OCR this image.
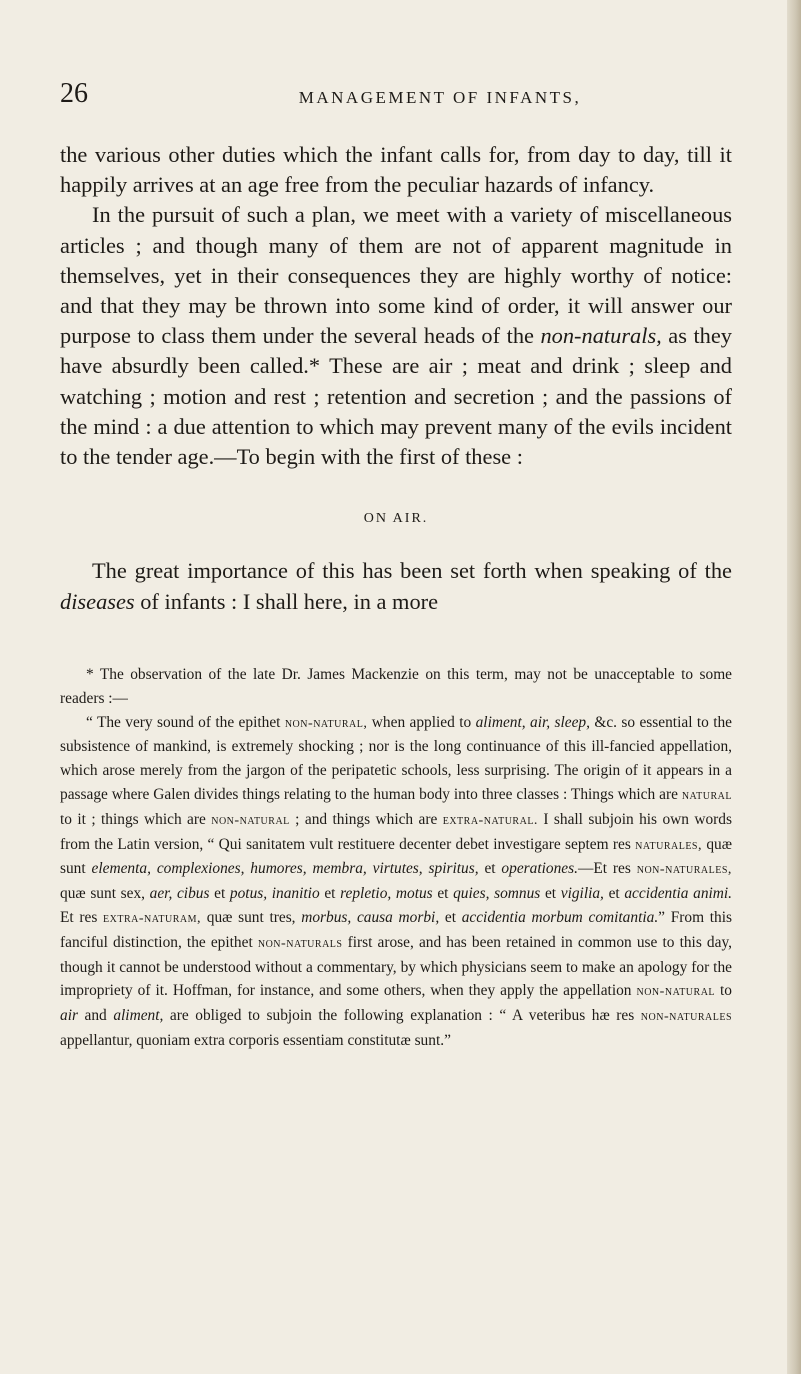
26	MANAGEMENT OF INFANTS,

the various other duties which the infant calls for, from day to day, till it happily arrives at an age free from the peculiar hazards of infancy.

In the pursuit of such a plan, we meet with a variety of miscellaneous articles ; and though many of them are not of apparent magnitude in themselves, yet in their consequences they are highly worthy of notice: and that they may be thrown into some kind of order, it will answer our purpose to class them under the several heads of the non-naturals, as they have absurdly been called.* These are air ; meat and drink ; sleep and watching ; motion and rest ; retention and secretion ; and the passions of the mind : a due attention to which may prevent many of the evils incident to the tender age.—To begin with the first of these :

ON AIR.

The great importance of this has been set forth when speaking of the diseases of infants : I shall here, in a more

* The observation of the late Dr. James Mackenzie on this term, may not be unacceptable to some readers :—

“ The very sound of the epithet non-natural, when applied to aliment, air, sleep, &c. so essential to the subsistence of mankind, is extremely shocking ; nor is the long continuance of this ill-fancied appellation, which arose merely from the jargon of the peripatetic schools, less surprising. The origin of it appears in a passage where Galen divides things relating to the human body into three classes : Things which are natural to it ; things which are non-natural ; and things which are extra-natural. I shall subjoin his own words from the Latin version, “ Qui sanitatem vult restituere decenter debet investigare septem res naturales, quæ sunt elementa, complexiones, humores, membra, virtutes, spiritus, et operationes.—Et res non-naturales, quæ sunt sex, aer, cibus et potus, inanitio et repletio, motus et quies, somnus et vigilia, et accidentia animi. Et res extra-naturam, quæ sunt tres, morbus, causa morbi, et accidentia morbum comitantia.” From this fanciful distinction, the epithet non-naturals first arose, and has been retained in common use to this day, though it cannot be understood without a commentary, by which physicians seem to make an apology for the impropriety of it. Hoffman, for instance, and some others, when they apply the appellation non-natural to air and aliment, are obliged to subjoin the following explanation : “ A veteribus hæ res non-naturales appellantur, quoniam extra corporis essentiam constitutæ sunt.”
